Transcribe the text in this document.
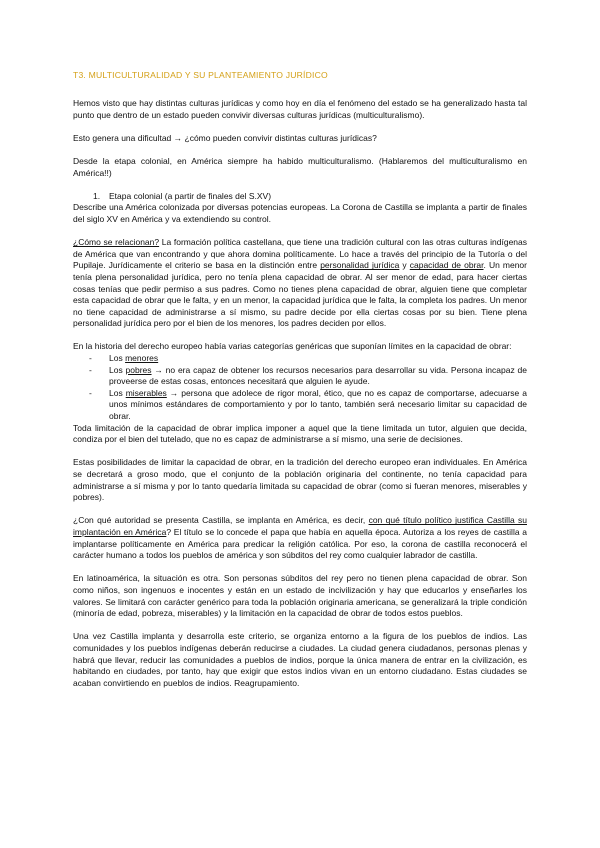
T3. MULTICULTURALIDAD Y SU PLANTEAMIENTO JURÍDICO

Hemos visto que hay distintas culturas jurídicas y como hoy en día el fenómeno del estado se ha generalizado hasta tal punto que dentro de un estado pueden convivir diversas culturas jurídicas (multiculturalismo).

Esto genera una dificultad → ¿cómo pueden convivir distintas culturas jurídicas?

Desde la etapa colonial, en América siempre ha habido multiculturalismo. (Hablaremos del multiculturalismo en América!!)

1. Etapa colonial (a partir de finales del S.XV)

Describe una América colonizada por diversas potencias europeas. La Corona de Castilla se implanta a partir de finales del siglo XV en América y va extendiendo su control.

¿Cómo se relacionan? La formación política castellana, que tiene una tradición cultural con las otras culturas indígenas de América que van encontrando y que ahora domina políticamente. Lo hace a través del principio de la Tutoría o del Pupilaje. Jurídicamente el criterio se basa en la distinción entre personalidad jurídica y capacidad de obrar. Un menor tenía plena personalidad jurídica, pero no tenía plena capacidad de obrar. Al ser menor de edad, para hacer ciertas cosas tenías que pedir permiso a sus padres. Como no tienes plena capacidad de obrar, alguien tiene que completar esta capacidad de obrar que le falta, y en un menor, la capacidad jurídica que le falta, la completa los padres. Un menor no tiene capacidad de administrarse a sí mismo, su padre decide por ella ciertas cosas por su bien. Tiene plena personalidad jurídica pero por el bien de los menores, los padres deciden por ellos.

En la historia del derecho europeo había varias categorías genéricas que suponían límites en la capacidad de obrar:

-	Los menores
-	Los pobres → no era capaz de obtener los recursos necesarios para desarrollar su vida. Persona incapaz de proveerse de estas cosas, entonces necesitará que alguien le ayude.
-	Los miserables → persona que adolece de rigor moral, ético, que no es capaz de comportarse, adecuarse a unos mínimos estándares de comportamiento y por lo tanto, también será necesario limitar su capacidad de obrar.

Toda limitación de la capacidad de obrar implica imponer a aquel que la tiene limitada un tutor, alguien que decida, condiza por el bien del tutelado, que no es capaz de administrarse a sí mismo, una serie de decisiones.

Estas posibilidades de limitar la capacidad de obrar, en la tradición del derecho europeo eran individuales. En América se decretará a groso modo, que el conjunto de la población originaria del continente, no tenía capacidad para administrarse a sí misma y por lo tanto quedaría limitada su capacidad de obrar (como si fueran menores, miserables y pobres).

¿Con qué autoridad se presenta Castilla, se implanta en América, es decir, con qué título político justifica Castilla su implantación en América? El título se lo concede el papa que había en aquella época. Autoriza a los reyes de castilla a implantarse políticamente en América para predicar la religión católica. Por eso, la corona de castilla reconocerá el carácter humano a todos los pueblos de américa y son súbditos del rey como cualquier labrador de castilla.

En latinoamérica, la situación es otra. Son personas súbditos del rey pero no tienen plena capacidad de obrar. Son como niños, son ingenuos e inocentes y están en un estado de incivilización y hay que educarlos y enseñarles los valores. Se limitará con carácter genérico para toda la población originaria americana, se generalizará la triple condición (minoría de edad, pobreza, miserables) y la limitación en la capacidad de obrar de todos estos pueblos.

Una vez Castilla implanta y desarrolla este criterio, se organiza entorno a la figura de los pueblos de indios. Las comunidades y los pueblos indígenas deberán reducirse a ciudades. La ciudad genera ciudadanos, personas plenas y habrá que llevar, reducir las comunidades a pueblos de indios, porque la única manera de entrar en la civilización, es habitando en ciudades, por tanto, hay que exigir que estos indios vivan en un entorno ciudadano. Estas ciudades se acaban convirtiendo en pueblos de indios. Reagrupamiento.
